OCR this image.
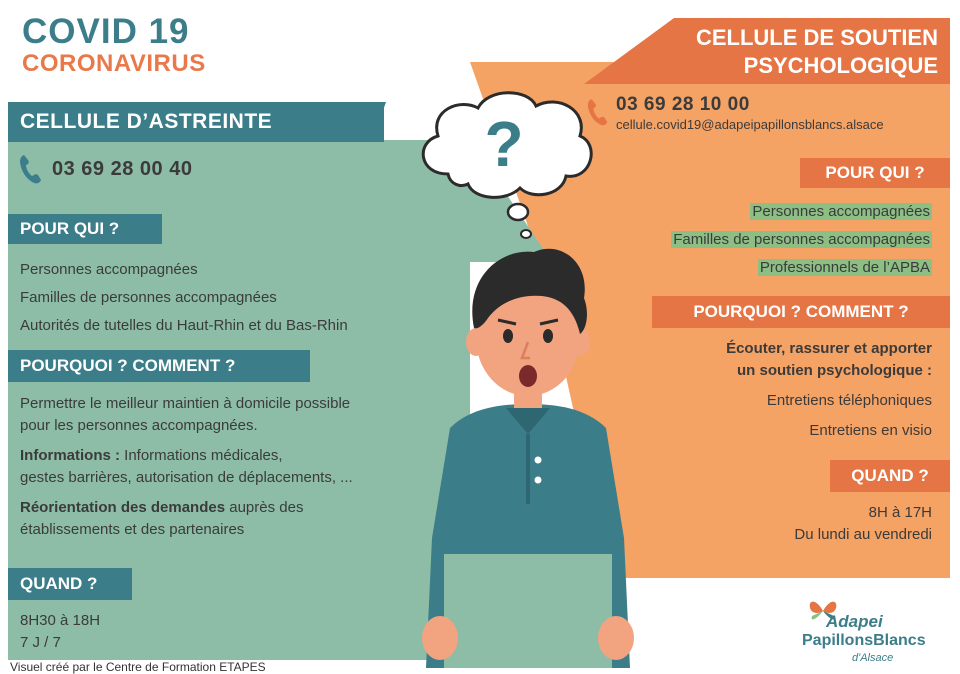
COVID 19
CORONAVIRUS
CELLULE D’ASTREINTE
03 69 28 00 40
POUR QUI ?
Personnes accompagnées
Familles de personnes accompagnées
Autorités de tutelles du Haut-Rhin et du Bas-Rhin
POURQUOI ? COMMENT ?
Permettre le meilleur maintien à domicile possible
pour les personnes accompagnées.
Informations : Informations médicales,
gestes barrières, autorisation de déplacements, ...
Réorientation des demandes auprès des
établissements et des partenaires
QUAND ?
8H30 à 18H
7 J / 7
CELLULE DE SOUTIEN
PSYCHOLOGIQUE
03 69 28 10 00
cellule.covid19@adapeipapillonsblancs.alsace
POUR QUI ?
Personnes accompagnées
Familles de personnes accompagnées
Professionnels de l’APBA
POURQUOI ? COMMENT ?
Écouter, rassurer et apporter
un soutien psychologique :
Entretiens téléphoniques
Entretiens en visio
QUAND ?
8H à 17H
Du lundi au vendredi
?
Adapei
PapillonsBlancs
d'Alsace
Visuel créé par le Centre de Formation ETAPES
